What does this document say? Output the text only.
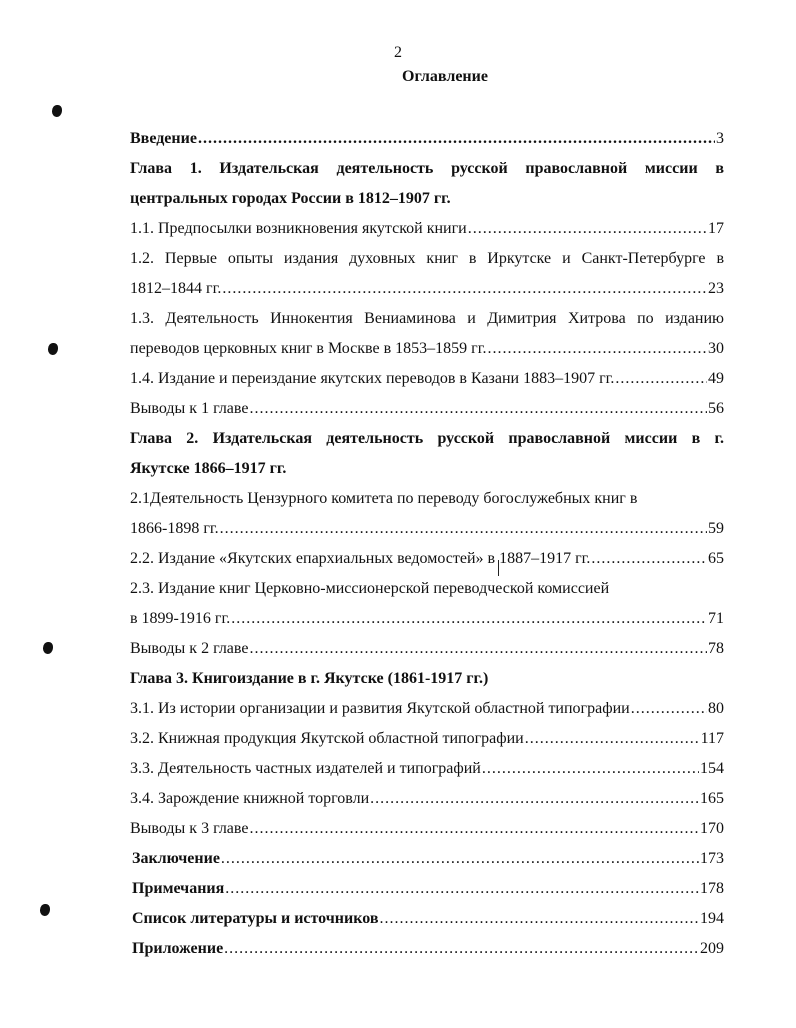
2
Оглавление
Введение .....	3
Глава 1. Издательская деятельность русской православной миссии в
центральных городах России в 1812–1907 гг.
1.1. Предпосылки возникновения якутской книги .....	17
1.2. Первые опыты издания духовных книг в Иркутске и Санкт-Петербурге в
1812–1844 гг. .....	23
1.3. Деятельность Иннокентия Вениаминова и Димитрия Хитрова по изданию
переводов церковных книг в Москве в 1853–1859 гг. .....	30
1.4. Издание и переиздание якутских переводов в Казани 1883–1907 гг. .....	49
Выводы к 1 главе .....	56
Глава 2. Издательская деятельность русской православной миссии в г.
Якутске 1866–1917 гг.
2.1Деятельность Цензурного комитета по переводу богослужебных книг в
1866-1898 гг. .....	59
2.2. Издание «Якутских епархиальных ведомостей» в 1887–1917 гг. .....	65
2.3. Издание книг Церковно-миссионерской переводческой комиссией
в 1899-1916 гг. .....	71
Выводы к 2 главе .....	78
Глава 3. Книгоиздание в г. Якутске (1861-1917 гг.)
3.1. Из истории организации и развития Якутской областной типографии .....	80
3.2. Книжная продукция Якутской областной типографии .....	117
3.3. Деятельность частных издателей и типографий .....	154
3.4. Зарождение книжной торговли .....	165
Выводы к 3 главе .....	170
Заключение .....	173
Примечания .....	178
Список литературы и источников .....	194
Приложение .....	209
